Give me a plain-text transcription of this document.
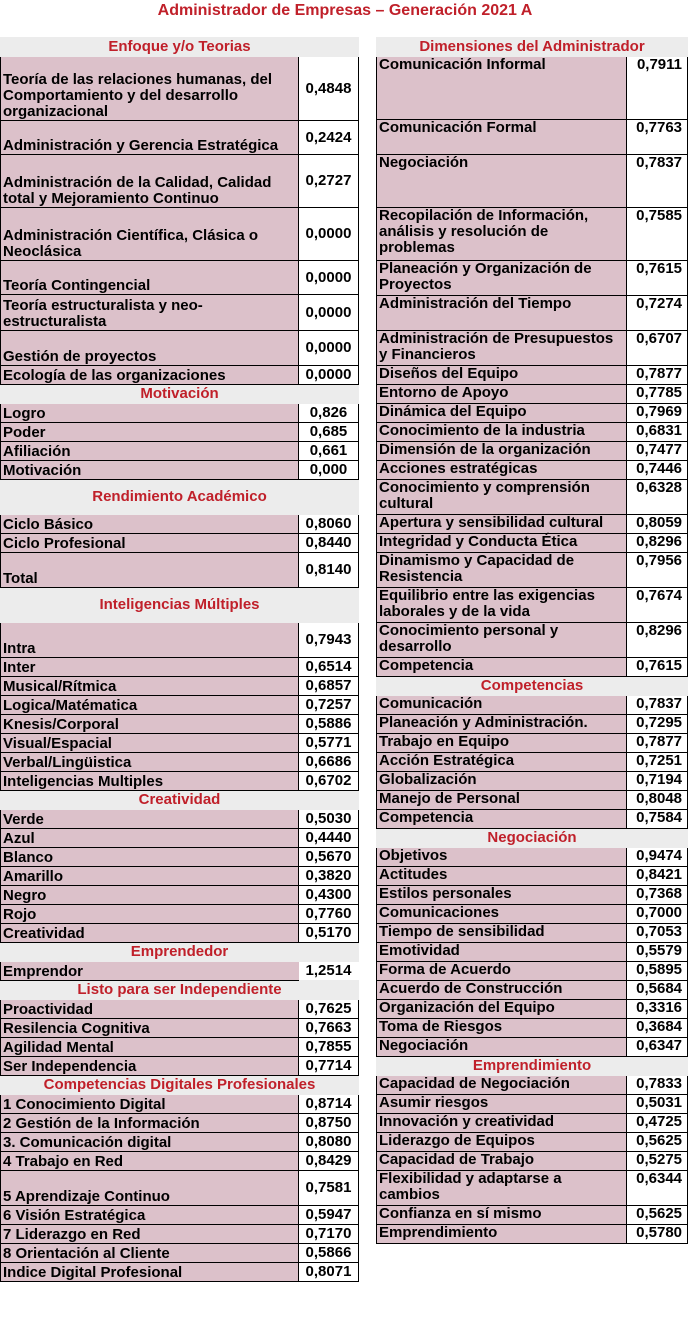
Administrador de Empresas – Generación 2021 A
Enfoque y/o Teorias	
Teoría de las relaciones humanas, del Comportamiento y del desarrollo organizacional	0,4848
Administración y Gerencia Estratégica	0,2424
Administración de la Calidad, Calidad total y Mejoramiento Continuo	0,2727
Administración Científica, Clásica o Neoclásica	0,0000
Teoría Contingencial	0,0000
Teoría estructuralista y neo-estructuralista	0,0000
Gestión de proyectos	0,0000
Ecología de las organizaciones	0,0000
Motivación	
Logro	0,826
Poder	0,685
Afiliación	0,661
Motivación	0,000
Rendimiento Académico	
Ciclo Básico	0,8060
Ciclo Profesional	0,8440
Total	0,8140
Inteligencias Múltiples	
Intra	0,7943
Inter	0,6514
Musical/Rítmica	0,6857
Logica/Matématica	0,7257
Knesis/Corporal	0,5886
Visual/Espacial	0,5771
Verbal/Lingüistica	0,6686
Inteligencias Multiples	0,6702
Creatividad	
Verde	0,5030
Azul	0,4440
Blanco	0,5670
Amarillo	0,3820
Negro	0,4300
Rojo	0,7760
Creatividad	0,5170
Emprendedor	
Emprendor	1,2514
Listo para ser Independiente	
Proactividad	0,7625
Resilencia Cognitiva	0,7663
Agilidad Mental	0,7855
Ser Independencia	0,7714
Competencias Digitales Profesionales	
1 Conocimiento Digital	0,8714
2 Gestión de la Información	0,8750
3. Comunicación digital	0,8080
4 Trabajo en Red	0,8429
5 Aprendizaje Continuo	0,7581
6 Visión Estratégica	0,5947
7 Liderazgo en Red	0,7170
8 Orientación al Cliente	0,5866
Indice Digital Profesional	0,8071
Dimensiones del Administrador	
Comunicación Informal	0,7911
Comunicación Formal	0,7763
Negociación	0,7837
Recopilación de Información, análisis y resolución de problemas	0,7585
Planeación y Organización de Proyectos	0,7615
Administración del Tiempo	0,7274
Administración de Presupuestos y Financieros	0,6707
Diseños del Equipo	0,7877
Entorno de Apoyo	0,7785
Dinámica del Equipo	0,7969
Conocimiento de la industria	0,6831
Dimensión de la organización	0,7477
Acciones estratégicas	0,7446
Conocimiento y comprensión cultural	0,6328
Apertura y sensibilidad cultural	0,8059
Integridad y Conducta Ética	0,8296
Dinamismo y Capacidad de Resistencia	0,7956
Equilibrio entre las exigencias laborales y de la vida	0,7674
Conocimiento personal y desarrollo	0,8296
Competencia	0,7615
Competencias	
Comunicación	0,7837
Planeación y Administración.	0,7295
Trabajo en Equipo	0,7877
Acción Estratégica	0,7251
Globalización	0,7194
Manejo de Personal	0,8048
Competencia	0,7584
Negociación	
Objetivos	0,9474
Actitudes	0,8421
Estilos personales	0,7368
Comunicaciones	0,7000
Tiempo de sensibilidad	0,7053
Emotividad	0,5579
Forma de Acuerdo	0,5895
Acuerdo de Construcción	0,5684
Organización del Equipo	0,3316
Toma de Riesgos	0,3684
Negociación	0,6347
Emprendimiento	
Capacidad de Negociación	0,7833
Asumir riesgos	0,5031
Innovación y creatividad	0,4725
Liderazgo de Equipos	0,5625
Capacidad de Trabajo	0,5275
Flexibilidad y adaptarse a cambios	0,6344
Confianza en sí mismo	0,5625
Emprendimiento	0,5780
